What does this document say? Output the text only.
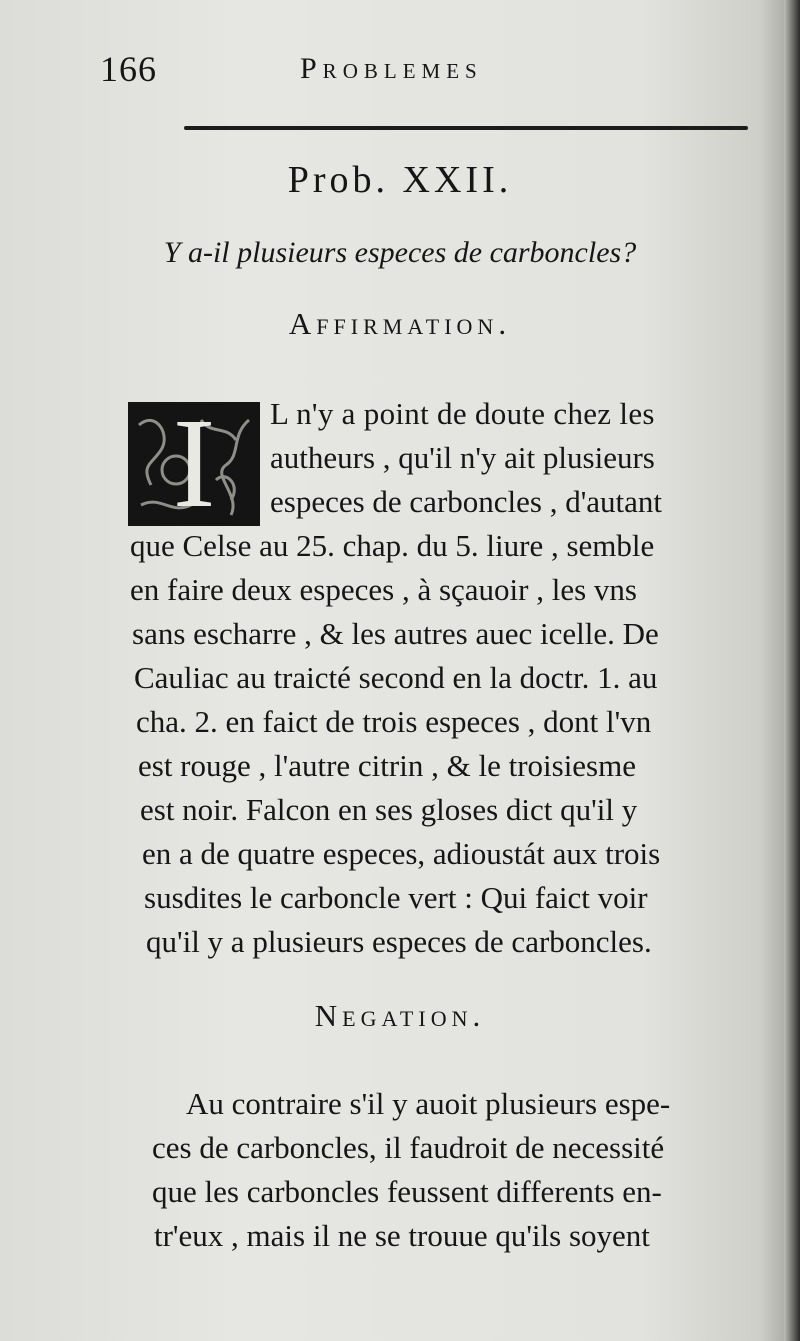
166	Problemes
Prob. XXII.
Y a-il plusieurs especes de carboncles?
Affirmation.
I	L n'y a point de doute chez les
autheurs , qu'il n'y ait plusieurs
especes de carboncles , d'autant
que Celse au 25. chap. du 5. liure , semble
en faire deux especes , à sçauoir , les vns
sans escharre , & les autres auec icelle. De
Cauliac au traicté second en la doctr. 1. au
cha. 2. en faict de trois especes , dont l'vn
est rouge , l'autre citrin , & le troisiesme
est noir. Falcon en ses gloses dict qu'il y
en a de quatre especes, adioustát aux trois
susdites le carboncle vert : Qui faict voir
qu'il y a plusieurs especes de carboncles.
Negation.
Au contraire s'il y auoit plusieurs espe-
ces de carboncles, il faudroit de necessité
que les carboncles feussent differents en-
tr'eux , mais il ne se trouue qu'ils soyent
